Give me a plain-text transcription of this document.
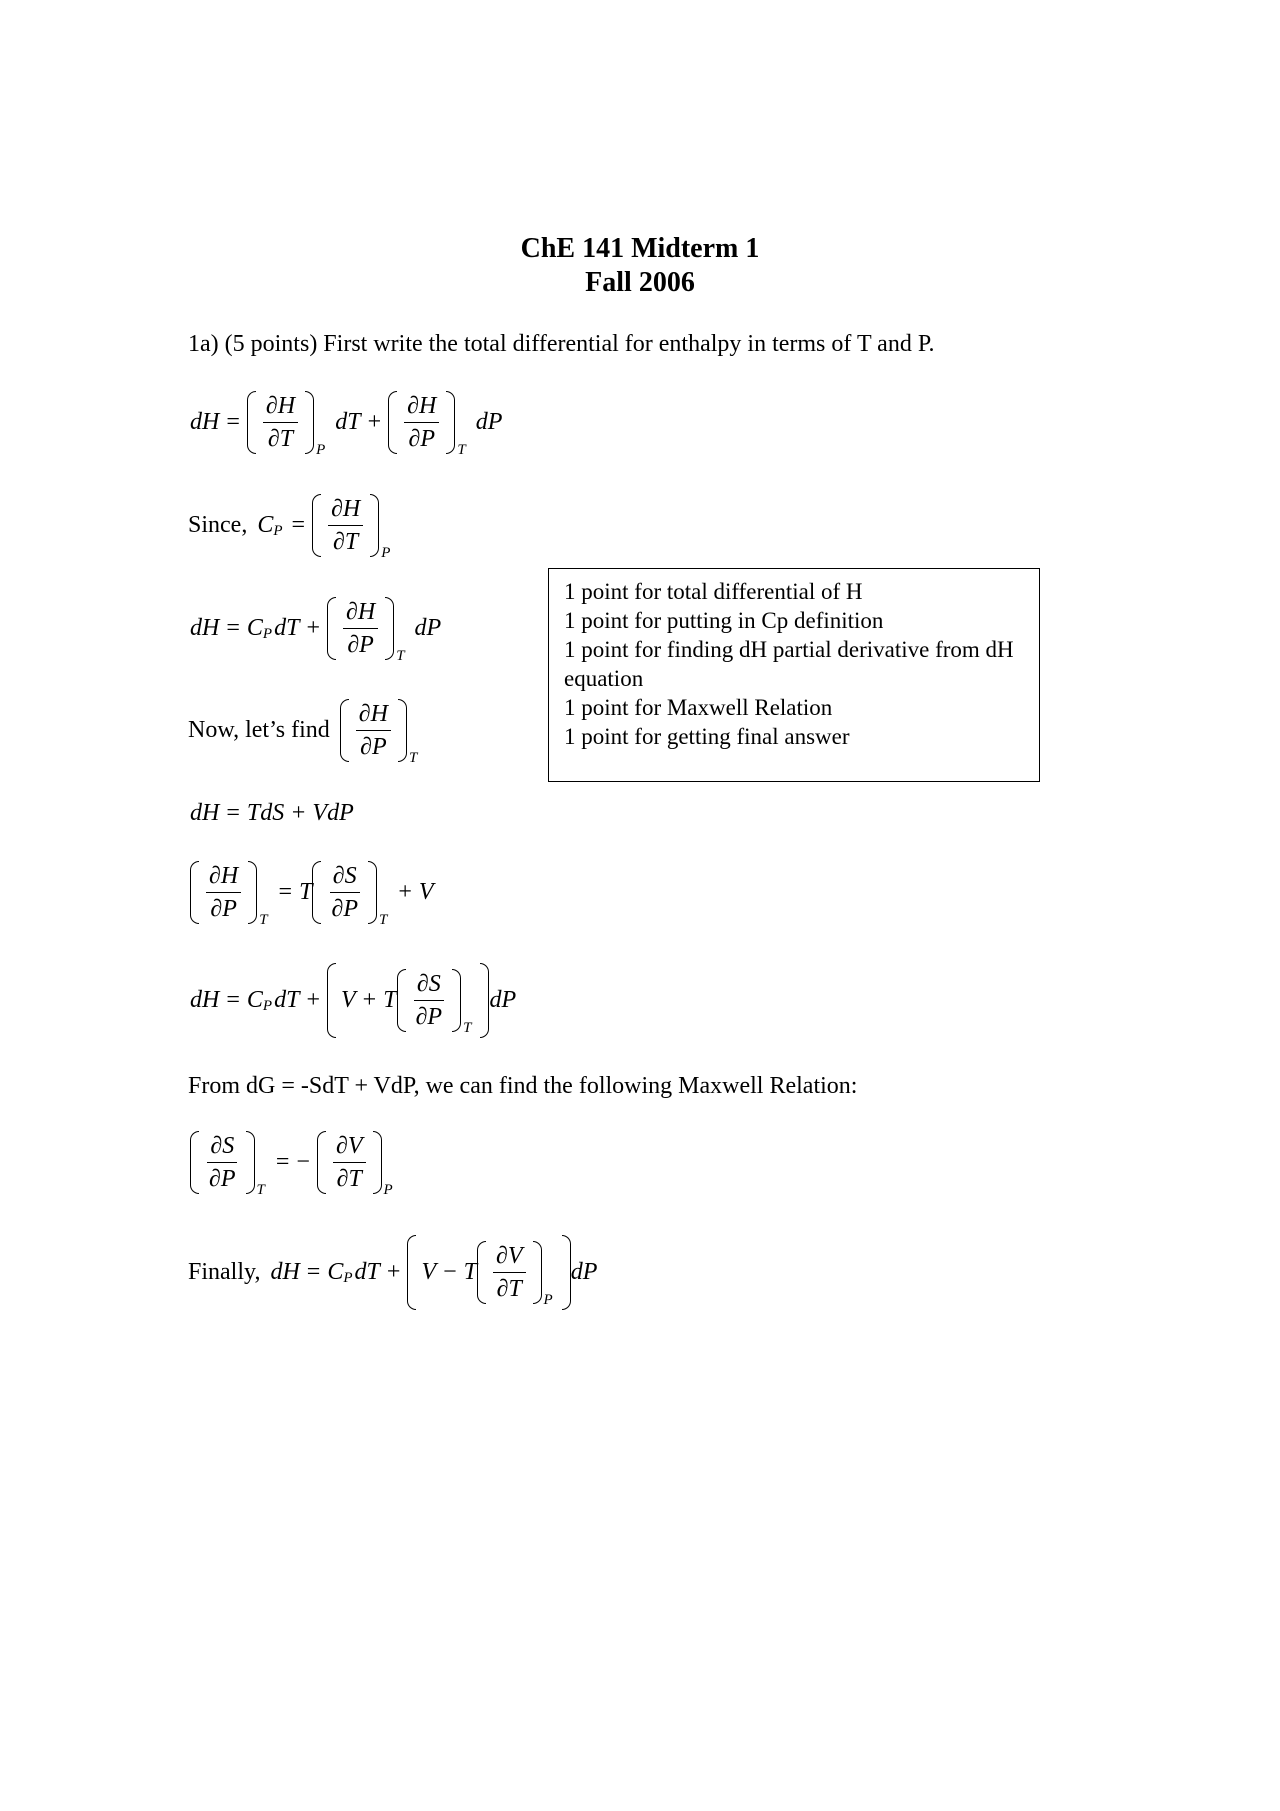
ChE 141 Midterm 1
Fall 2006
1a) (5 points) First write the total differential for enthalpy in terms of T and P.
dH = $\frac{\partial H}{\partial T}$ P
dT + $\frac{\partial H}{\partial P}$ T
dP
Since, C $P = \frac{\partial H}{\partial T}$ P
1 point for total differential of H
1 point for putting in Cp definition
1 point for finding dH partial derivative from dH equation
1 point for Maxwell Relation
1 point for getting final answer
dH = C P dT + $\frac{\partial H}{\partial P}$ T
dP
Now, let’s find $\frac{\partial H}{\partial P}$ T
dH = TdS + VdP
$\frac{\partial H}{\partial P}$ T
= T $\frac{\partial S}{\partial P}$ T
+ V
dH = C P dT + V + T $\frac{\partial S}{\partial P}$ T
dP
From dG = -SdT + VdP, we can find the following Maxwell Relation:
$\frac{\partial S}{\partial P}$ T
= − $\frac{\partial V}{\partial T}$ P
Finally, dH = C P dT + V − T $\frac{\partial V}{\partial T}$ P
dP
